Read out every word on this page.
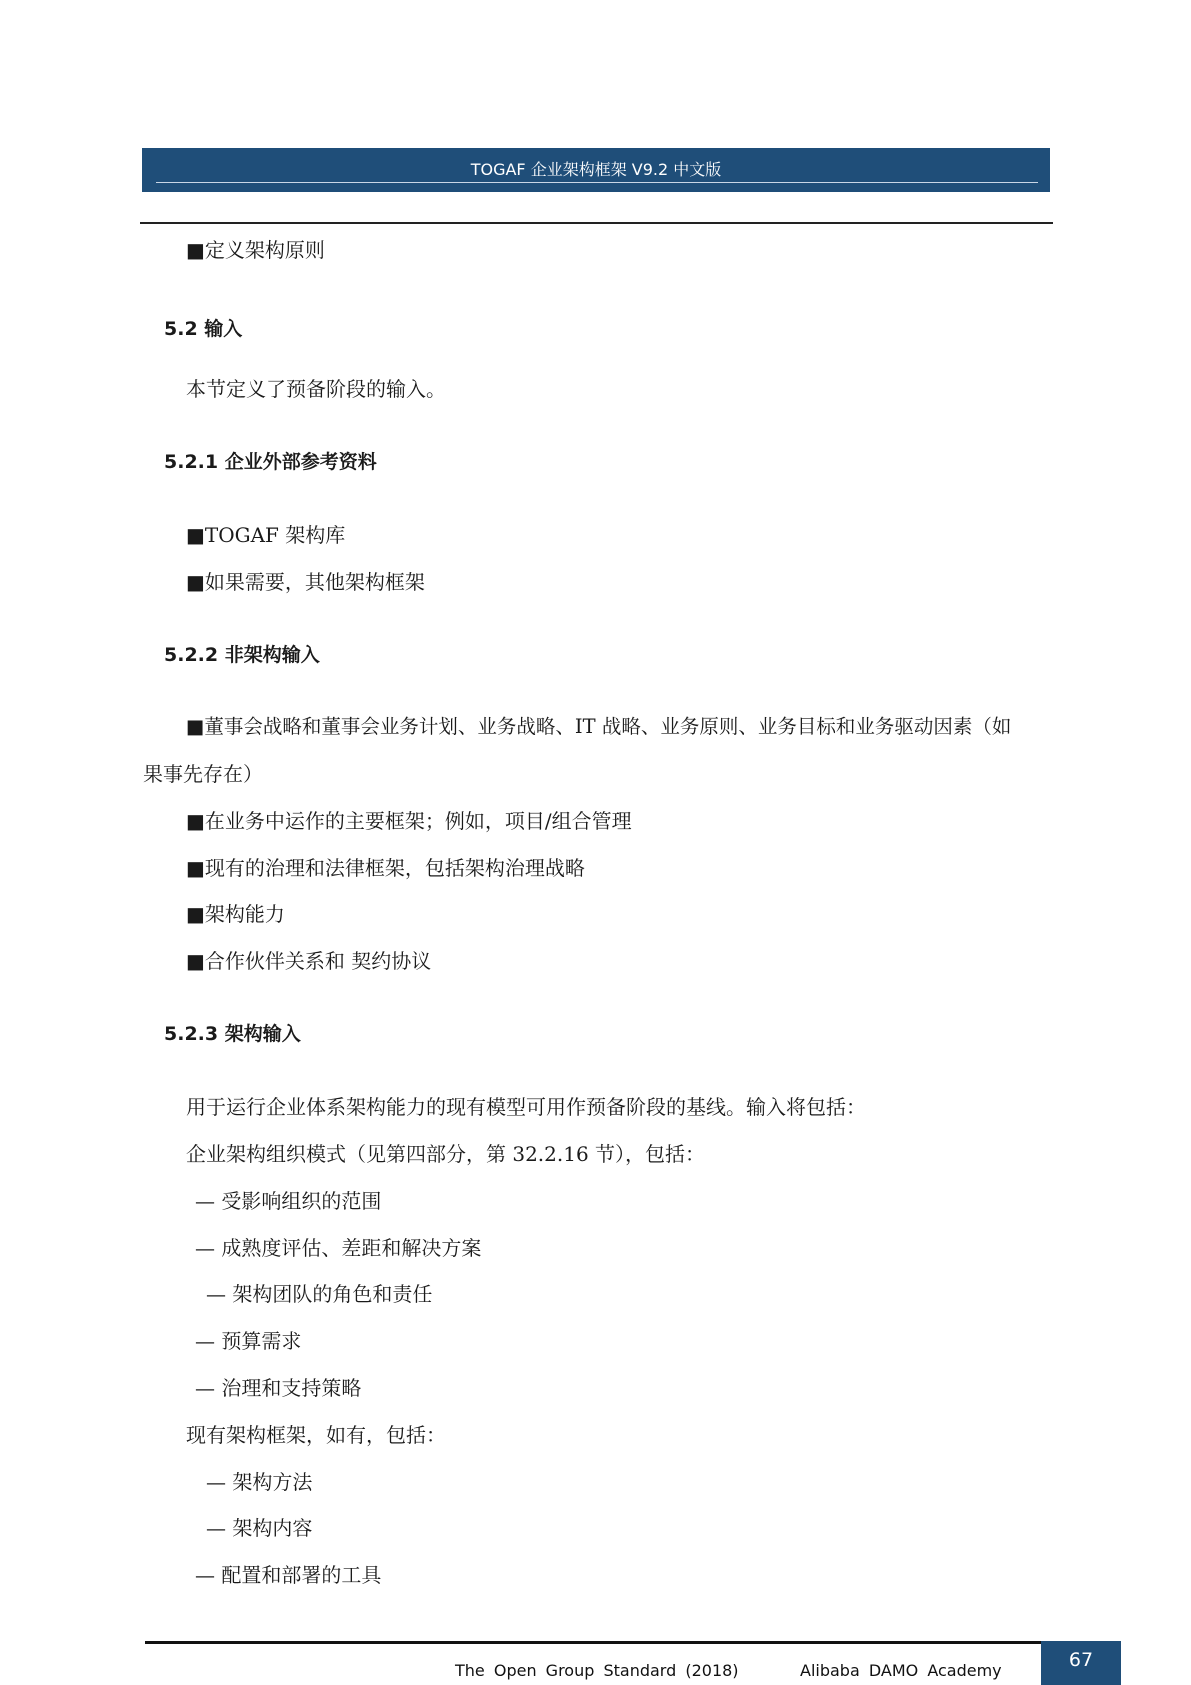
TOGAF 企业架构框架 V9.2 中文版
■定义架构原则
5.2 输入
本节定义了预备阶段的输入。
5.2.1 企业外部参考资料
■TOGAF 架构库
■如果需要，其他架构框架
5.2.2 非架构输入
■董事会战略和董事会业务计划、业务战略、IT 战略、业务原则、业务目标和业务驱动因素（如
果事先存在）
■在业务中运作的主要框架；例如，项目/组合管理
■现有的治理和法律框架，包括架构治理战略
■架构能力
■合作伙伴关系和 契约协议
5.2.3 架构输入
用于运行企业体系架构能力的现有模型可用作预备阶段的基线。输入将包括：
企业架构组织模式（见第四部分，第 32.2.16 节），包括：
— 受影响组织的范围
— 成熟度评估、差距和解决方案
— 架构团队的角色和责任
— 预算需求
— 治理和支持策略
现有架构框架，如有，包括：
— 架构方法
— 架构内容
— 配置和部署的工具
The Open Group Standard (2018)	Alibaba DAMO Academy	67
